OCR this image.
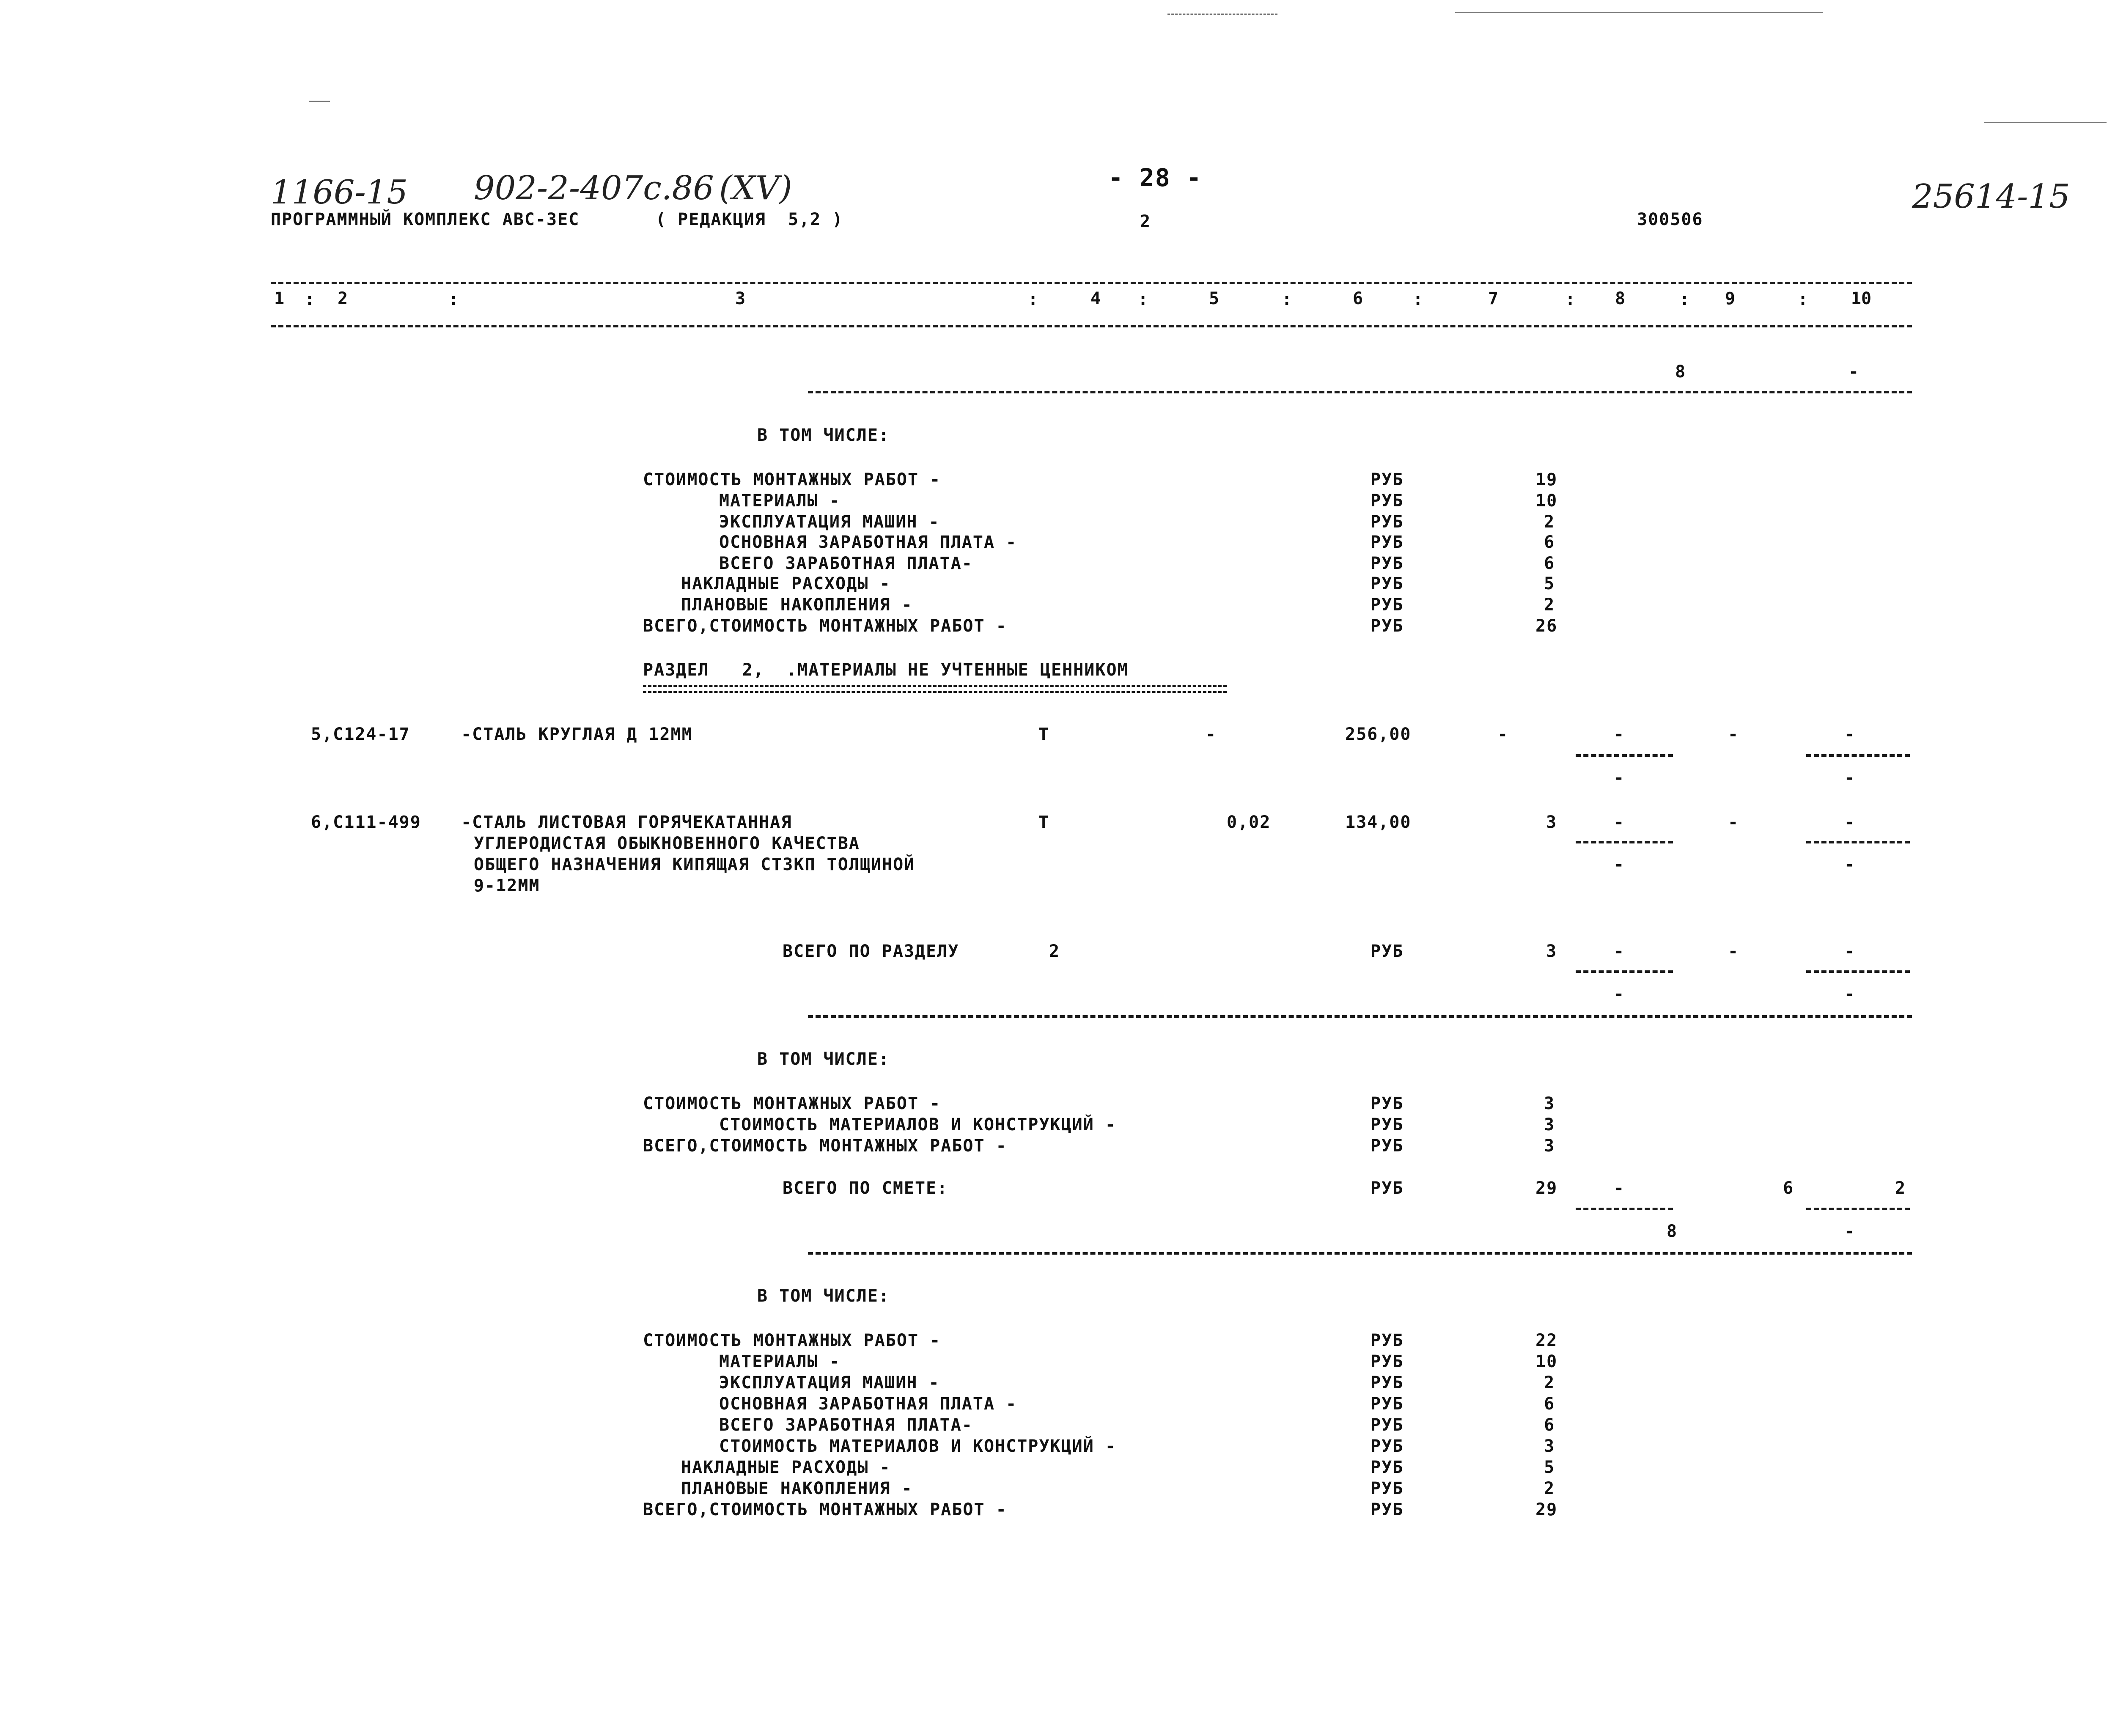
1166-15 902-2-407с.86 (XV)	25614-15
- 28 -
ПРОГРАММНЫЙ КОМПЛЕКС АВС-ЗЕС	( РЕДАКЦИЯ  5,2 )	2	300506
1	:	2	:	3	:	4	:	5	:	6	:	7	:	8	:	9	:	10
8	-
В ТОМ ЧИСЛЕ:
СТОИМОСТЬ МОНТАЖНЫХ РАБОТ -	РУБ	19
МАТЕРИАЛЫ -	РУБ	10
ЭКСПЛУАТАЦИЯ МАШИН -	РУБ	2
ОСНОВНАЯ ЗАРАБОТНАЯ ПЛАТА -	РУБ	6
ВСЕГО ЗАРАБОТНАЯ ПЛАТА-	РУБ	6
НАКЛАДНЫЕ РАСХОДЫ -	РУБ	5
ПЛАНОВЫЕ НАКОПЛЕНИЯ -	РУБ	2
ВСЕГО,СТОИМОСТЬ МОНТАЖНЫХ РАБОТ -	РУБ	26
РАЗДЕЛ   2,  .МАТЕРИАЛЫ НЕ УЧТЕННЫЕ ЦЕННИКОМ
5,С124-17	-СТАЛЬ КРУГЛАЯ Д 12ММ	Т	-	256,00	-	-	-	-
-	-
6,С111-499 -СТАЛЬ ЛИСТОВАЯ ГОРЯЧЕКАТАННАЯ
УГЛЕРОДИСТАЯ ОБЫКНОВЕННОГО КАЧЕСТВА
ОБЩЕГО НАЗНАЧЕНИЯ КИПЯЩАЯ СТЗКП ТОЛЩИНОЙ
9-12ММ
Т	0,02	134,00	3	-	-	-
-	-
ВСЕГО ПО РАЗДЕЛУ	2	РУБ	3	-	-	-
-	-
В ТОМ ЧИСЛЕ:
СТОИМОСТЬ МОНТАЖНЫХ РАБОТ -	РУБ	3
СТОИМОСТЬ МАТЕРИАЛОВ И КОНСТРУКЦИЙ -	РУБ	3
ВСЕГО,СТОИМОСТЬ МОНТАЖНЫХ РАБОТ -	РУБ	3
ВСЕГО ПО СМЕТЕ:	РУБ	29	-	6	2
8	-
В ТОМ ЧИСЛЕ:
СТОИМОСТЬ МОНТАЖНЫХ РАБОТ -	РУБ	22
МАТЕРИАЛЫ -	РУБ	10
ЭКСПЛУАТАЦИЯ МАШИН -	РУБ	2
ОСНОВНАЯ ЗАРАБОТНАЯ ПЛАТА -	РУБ	6
ВСЕГО ЗАРАБОТНАЯ ПЛАТА-	РУБ	6
СТОИМОСТЬ МАТЕРИАЛОВ И КОНСТРУКЦИЙ -	РУБ	3
НАКЛАДНЫЕ РАСХОДЫ -	РУБ	5
ПЛАНОВЫЕ НАКОПЛЕНИЯ -	РУБ	2
ВСЕГО,СТОИМОСТЬ МОНТАЖНЫХ РАБОТ -	РУБ	29
